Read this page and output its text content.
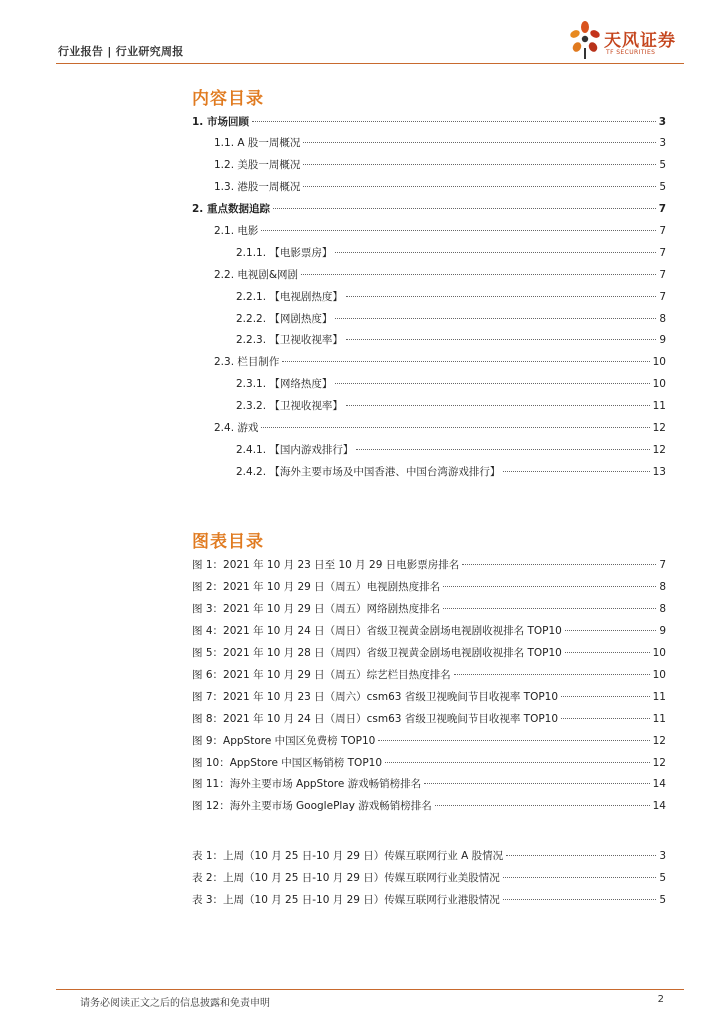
行业报告 | 行业研究周报
天风证券
TF SECURITIES
内容目录
1. 市场回顾	3
1.1. A 股一周概况	3
1.2. 美股一周概况	5
1.3. 港股一周概况	5
2. 重点数据追踪	7
2.1. 电影	7
2.1.1. 【电影票房】	7
2.2. 电视剧&网剧	7
2.2.1. 【电视剧热度】	7
2.2.2. 【网剧热度】	8
2.2.3. 【卫视收视率】	9
2.3. 栏目制作	10
2.3.1. 【网络热度】	10
2.3.2. 【卫视收视率】	11
2.4. 游戏	12
2.4.1. 【国内游戏排行】	12
2.4.2. 【海外主要市场及中国香港、中国台湾游戏排行】	13
图表目录
图 1：2021 年 10 月 23 日至 10 月 29 日电影票房排名	7
图 2：2021 年 10 月 29 日（周五）电视剧热度排名	8
图 3：2021 年 10 月 29 日（周五）网络剧热度排名	8
图 4：2021 年 10 月 24 日（周日）省级卫视黄金剧场电视剧收视排名 TOP10	9
图 5：2021 年 10 月 28 日（周四）省级卫视黄金剧场电视剧收视排名 TOP10	10
图 6：2021 年 10 月 29 日（周五）综艺栏目热度排名	10
图 7：2021 年 10 月 23 日（周六）csm63 省级卫视晚间节目收视率 TOP10	11
图 8：2021 年 10 月 24 日（周日）csm63 省级卫视晚间节目收视率 TOP10	11
图 9：AppStore 中国区免费榜 TOP10	12
图 10：AppStore 中国区畅销榜 TOP10	12
图 11：海外主要市场 AppStore 游戏畅销榜排名	14
图 12：海外主要市场 GooglePlay 游戏畅销榜排名	14
表 1：上周（10 月 25 日-10 月 29 日）传媒互联网行业 A 股情况	3
表 2：上周（10 月 25 日-10 月 29 日）传媒互联网行业美股情况	5
表 3：上周（10 月 25 日-10 月 29 日）传媒互联网行业港股情况	5
请务必阅读正文之后的信息披露和免责申明	2
